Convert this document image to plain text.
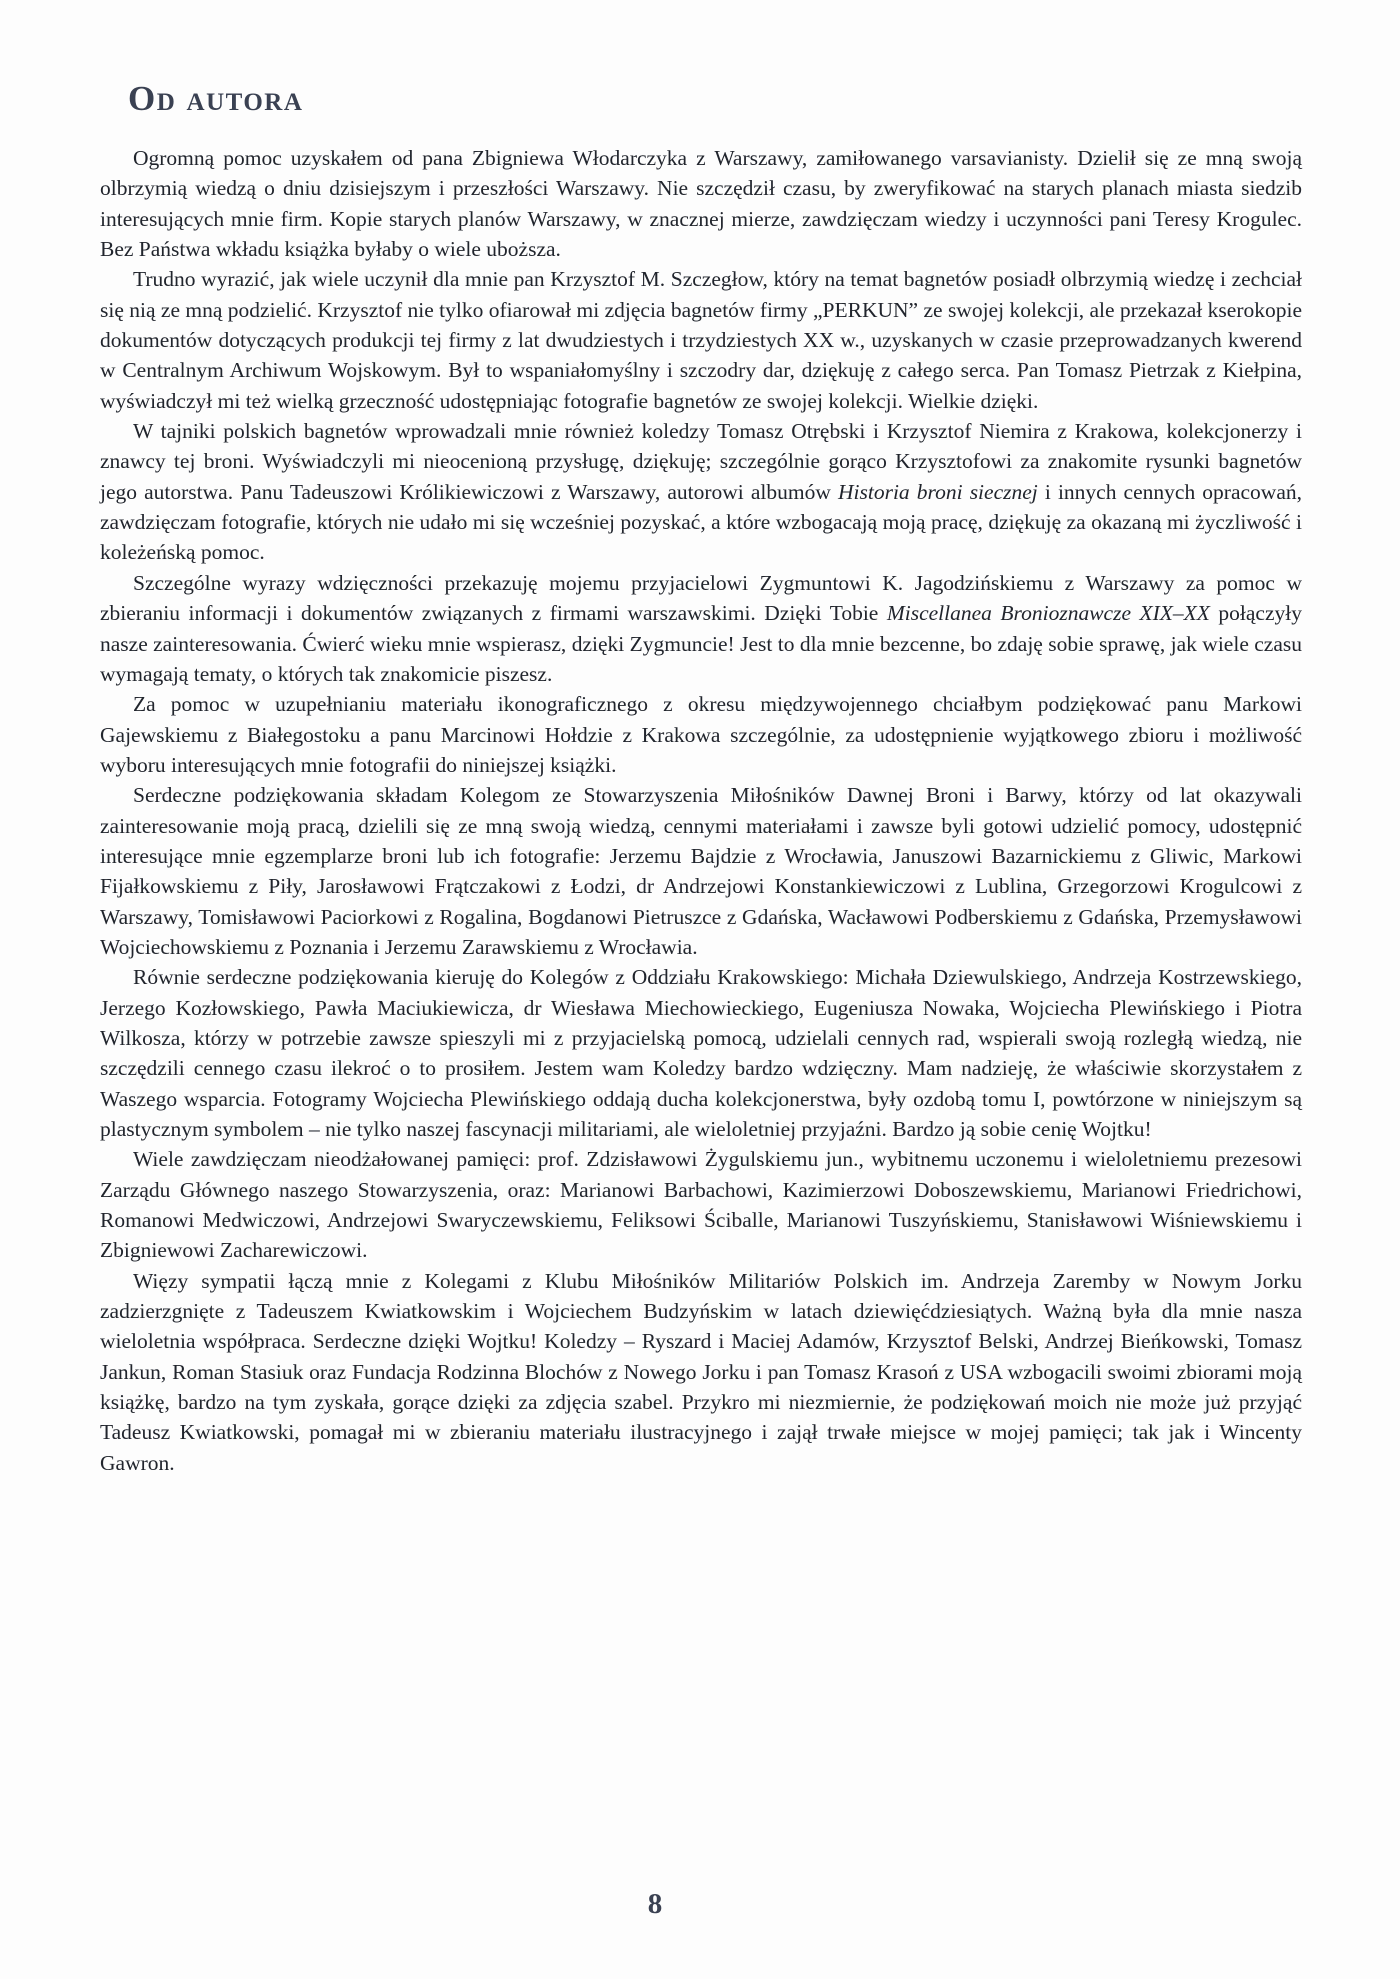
Od autora

Ogromną pomoc uzyskałem od pana Zbigniewa Włodarczyka z Warszawy, zamiłowanego varsavianisty. Dzielił się ze mną swoją olbrzymią wiedzą o dniu dzisiejszym i przeszłości Warszawy. Nie szczędził czasu, by zweryfikować na starych planach miasta siedzib interesujących mnie firm. Kopie starych planów Warszawy, w znacznej mierze, zawdzięczam wiedzy i uczynności pani Teresy Krogulec. Bez Państwa wkładu książka byłaby o wiele uboższa.

Trudno wyrazić, jak wiele uczynił dla mnie pan Krzysztof M. Szczegłow, który na temat bagnetów posiadł olbrzymią wiedzę i zechciał się nią ze mną podzielić. Krzysztof nie tylko ofiarował mi zdjęcia bagnetów firmy „PERKUN” ze swojej kolekcji, ale przekazał kserokopie dokumentów dotyczących produkcji tej firmy z lat dwudziestych i trzydziestych XX w., uzyskanych w czasie przeprowadzanych kwerend w Centralnym Archiwum Wojskowym. Był to wspaniałomyślny i szczodry dar, dziękuję z całego serca. Pan Tomasz Pietrzak z Kiełpina, wyświadczył mi też wielką grzeczność udostępniając fotografie bagnetów ze swojej kolekcji. Wielkie dzięki.

W tajniki polskich bagnetów wprowadzali mnie również koledzy Tomasz Otrębski i Krzysztof Niemira z Krakowa, kolekcjonerzy i znawcy tej broni. Wyświadczyli mi nieocenioną przysługę, dziękuję; szczególnie gorąco Krzysztofowi za znakomite rysunki bagnetów jego autorstwa. Panu Tadeuszowi Królikiewiczowi z Warszawy, autorowi albumów Historia broni siecznej i innych cennych opracowań, zawdzięczam fotografie, których nie udało mi się wcześniej pozyskać, a które wzbogacają moją pracę, dziękuję za okazaną mi życzliwość i koleżeńską pomoc.

Szczególne wyrazy wdzięczności przekazuję mojemu przyjacielowi Zygmuntowi K. Jagodzińskiemu z Warszawy za pomoc w zbieraniu informacji i dokumentów związanych z firmami warszawskimi. Dzięki Tobie Miscellanea Bronioznawcze XIX–XX połączyły nasze zainteresowania. Ćwierć wieku mnie wspierasz, dzięki Zygmuncie! Jest to dla mnie bezcenne, bo zdaję sobie sprawę, jak wiele czasu wymagają tematy, o których tak znakomicie piszesz.

Za pomoc w uzupełnianiu materiału ikonograficznego z okresu międzywojennego chciałbym podziękować panu Markowi Gajewskiemu z Białegostoku a panu Marcinowi Hołdzie z Krakowa szczególnie, za udostępnienie wyjątkowego zbioru i możliwość wyboru interesujących mnie fotografii do niniejszej książki.

Serdeczne podziękowania składam Kolegom ze Stowarzyszenia Miłośników Dawnej Broni i Barwy, którzy od lat okazywali zainteresowanie moją pracą, dzielili się ze mną swoją wiedzą, cennymi materiałami i zawsze byli gotowi udzielić pomocy, udostępnić interesujące mnie egzemplarze broni lub ich fotografie: Jerzemu Bajdzie z Wrocławia, Januszowi Bazarnickiemu z Gliwic, Markowi Fijałkowskiemu z Piły, Jarosławowi Frątczakowi z Łodzi, dr Andrzejowi Konstankiewiczowi z Lublina, Grzegorzowi Krogulcowi z Warszawy, Tomisławowi Paciorkowi z Rogalina, Bogdanowi Pietruszce z Gdańska, Wacławowi Podberskiemu z Gdańska, Przemysławowi Wojciechowskiemu z Poznania i Jerzemu Zarawskiemu z Wrocławia.

Równie serdeczne podziękowania kieruję do Kolegów z Oddziału Krakowskiego: Michała Dziewulskiego, Andrzeja Kostrzewskiego, Jerzego Kozłowskiego, Pawła Maciukiewicza, dr Wiesława Miechowieckiego, Eugeniusza Nowaka, Wojciecha Plewińskiego i Piotra Wilkosza, którzy w potrzebie zawsze spieszyli mi z przyjacielską pomocą, udzielali cennych rad, wspierali swoją rozległą wiedzą, nie szczędzili cennego czasu ilekroć o to prosiłem. Jestem wam Koledzy bardzo wdzięczny. Mam nadzieję, że właściwie skorzystałem z Waszego wsparcia. Fotogramy Wojciecha Plewińskiego oddają ducha kolekcjonerstwa, były ozdobą tomu I, powtórzone w niniejszym są plastycznym symbolem – nie tylko naszej fascynacji militariami, ale wieloletniej przyjaźni. Bardzo ją sobie cenię Wojtku!

Wiele zawdzięczam nieodżałowanej pamięci: prof. Zdzisławowi Żygulskiemu jun., wybitnemu uczonemu i wieloletniemu prezesowi Zarządu Głównego naszego Stowarzyszenia, oraz: Marianowi Barbachowi, Kazimierzowi Doboszewskiemu, Marianowi Friedrichowi, Romanowi Medwiczowi, Andrzejowi Swaryczewskiemu, Feliksowi Ściballe, Marianowi Tuszyńskiemu, Stanisławowi Wiśniewskiemu i Zbigniewowi Zacharewiczowi.

Więzy sympatii łączą mnie z Kolegami z Klubu Miłośników Militariów Polskich im. Andrzeja Zaremby w Nowym Jorku zadzierzgnięte z Tadeuszem Kwiatkowskim i Wojciechem Budzyńskim w latach dziewięćdziesiątych. Ważną była dla mnie nasza wieloletnia współpraca. Serdeczne dzięki Wojtku! Koledzy – Ryszard i Maciej Adamów, Krzysztof Belski, Andrzej Bieńkowski, Tomasz Jankun, Roman Stasiuk oraz Fundacja Rodzinna Blochów z Nowego Jorku i pan Tomasz Krasoń z USA wzbogacili swoimi zbiorami moją książkę, bardzo na tym zyskała, gorące dzięki za zdjęcia szabel. Przykro mi niezmiernie, że podziękowań moich nie może już przyjąć Tadeusz Kwiatkowski, pomagał mi w zbieraniu materiału ilustracyjnego i zajął trwałe miejsce w mojej pamięci; tak jak i Wincenty Gawron.

8
